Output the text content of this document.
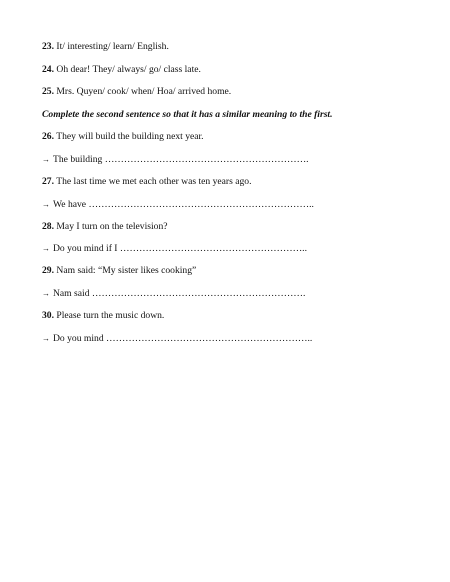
23. It/ interesting/ learn/ English.
24. Oh dear! They/ always/ go/ class late.
25. Mrs. Quyen/ cook/ when/ Hoa/ arrived home.
Complete the second sentence so that it has a similar meaning to the first.
26. They will build the building next year.
→ The building ……………………………………………………….
27. The last time we met each other was ten years ago.
→ We have ……………………………………………………………..
28. May I turn on the television?
→ Do you mind if I …………………………………………………..
29. Nam said: “My sister likes cooking”
→ Nam said ………………………………………………………….
30. Please turn the music down.
→ Do you mind ………………………………………………………..
